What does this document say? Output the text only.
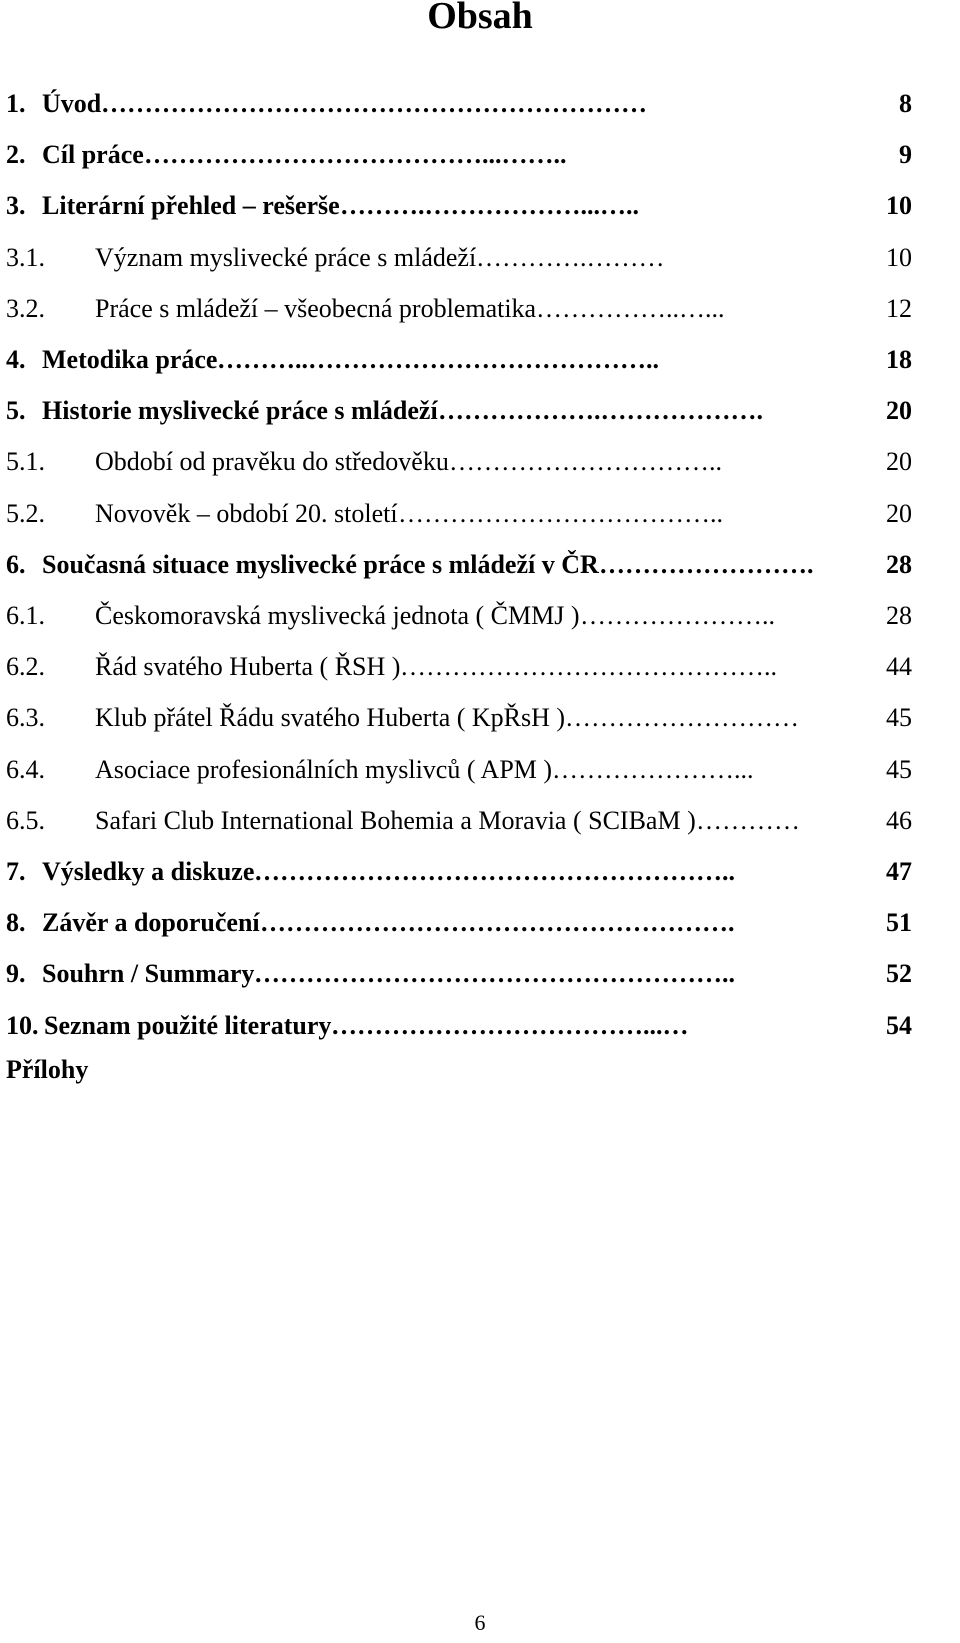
Obsah
1. Úvod ………………………………………………………	8
2. Cíl práce …………………………………...……..	9
3. Literární přehled – rešerše ……….………………...…..	10
3.1. Význam myslivecké práce s mládeží ………….………	10
3.2. Práce s mládeží – všeobecná problematika ……………..…...	12
4. Metodika práce ………..…………………………………..	18
5. Historie myslivecké práce s mládeží ……………….……………….	20
5.1. Období od pravěku do středověku …………………………..	20
5.2. Novověk – období 20. století ………………………………..	20
6. Současná situace myslivecké práce s mládeží v ČR …………………….	28
6.1. Českomoravská myslivecká jednota ( ČMMJ ) …………………..	28
6.2. Řád svatého Huberta ( ŘSH ) ……………………………………..	44
6.3. Klub přátel Řádu svatého Huberta ( KpŘsH ) ………………………	45
6.4. Asociace profesionálních myslivců ( APM ) …………………...	45
6.5. Safari Club International Bohemia a Moravia ( SCIBaM ) …………	46
7. Výsledky a diskuze ………………………………………………..	47
8. Závěr a doporučení ……………………………………………….	51
9. Souhrn / Summary ………………………………………………..	52
10. Seznam použité literatury ………………………………...…	54
Přílohy
6
